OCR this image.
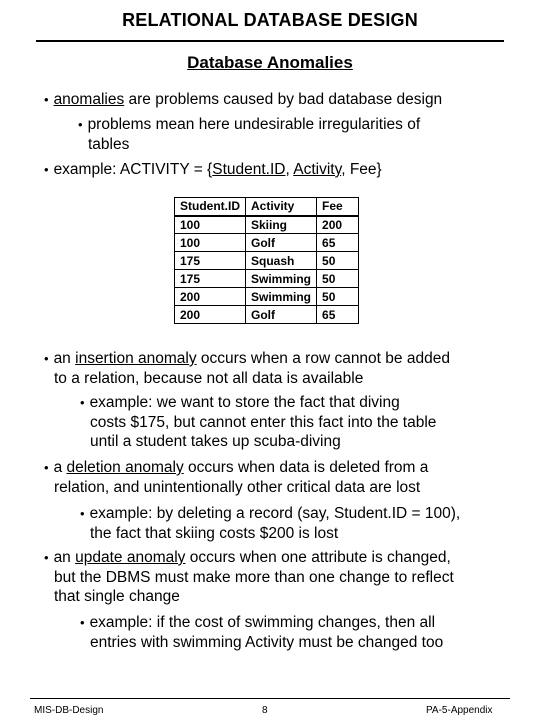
RELATIONAL DATABASE DESIGN
Database Anomalies
• anomalies are problems caused by bad database design
• problems mean here undesirable irregularities of
tables
• example: ACTIVITY = {Student.ID, Activity, Fee}
Student.ID	Activity	Fee
100	Skiing	200
100	Golf	65
175	Squash	50
175	Swimming	50
200	Swimming	50
200	Golf	65
• an insertion anomaly occurs when a row cannot be added
to a relation, because not all data is available
• example: we want to store the fact that diving
costs $175, but cannot enter this fact into the table
until a student takes up scuba-diving
• a deletion anomaly occurs when data is deleted from a
relation, and unintentionally other critical data are lost
• example: by deleting a record (say, Student.ID = 100),
the fact that skiing costs $200 is lost
• an update anomaly occurs when one attribute is changed,
but the DBMS must make more than one change to reflect
that single change
• example: if the cost of swimming changes, then all
entries with swimming Activity must be changed too
MIS-DB-Design	8	PA-5-Appendix
